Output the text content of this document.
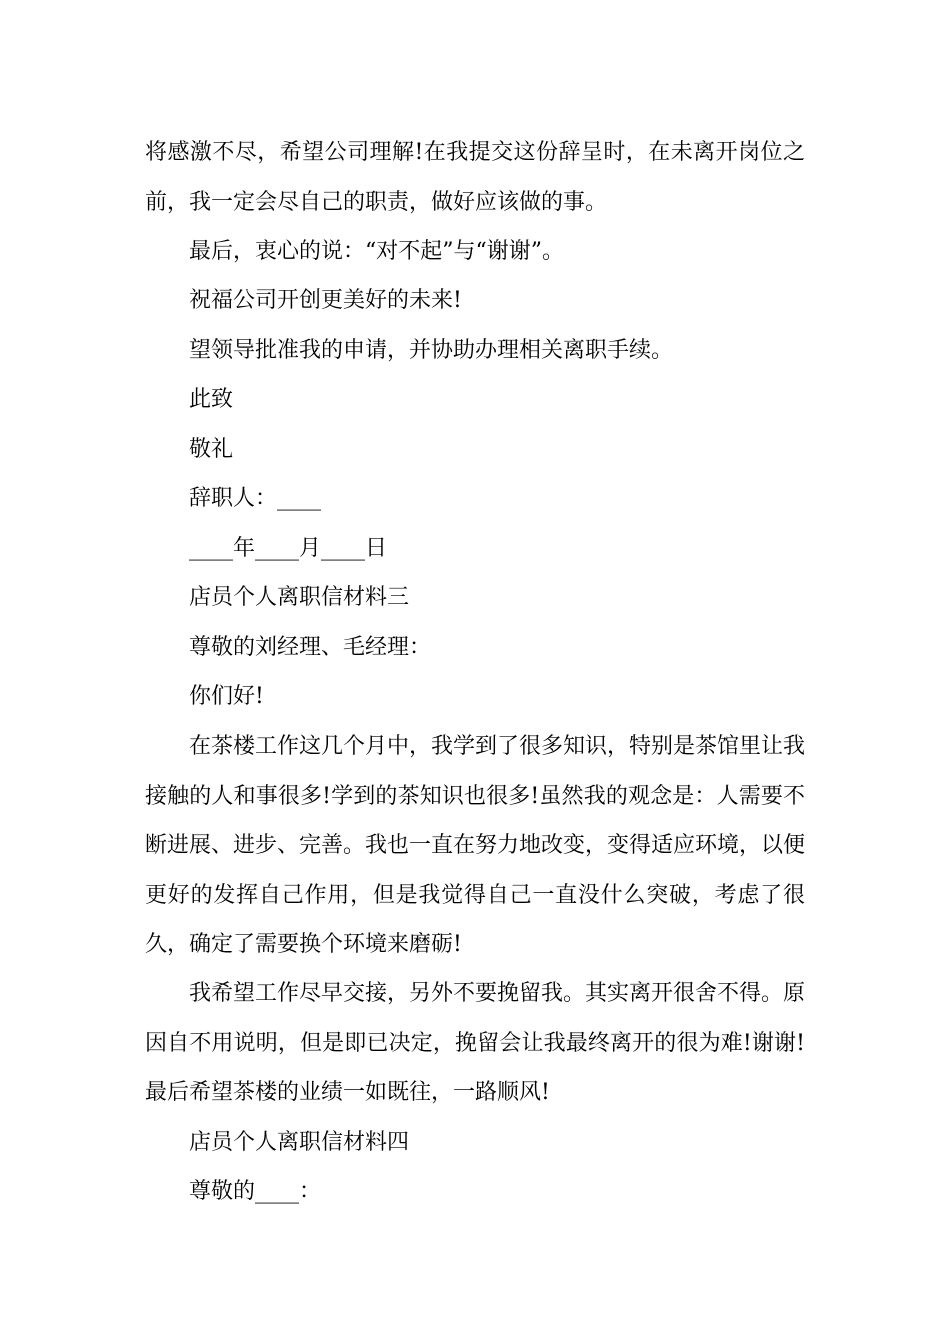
将感激不尽，希望公司理解!在我提交这份辞呈时，在未离开岗位之前，我一定会尽自己的职责，做好应该做的事。

最后，衷心的说：“对不起”与“谢谢”。

祝福公司开创更美好的未来!

望领导批准我的申请，并协助办理相关离职手续。

此致

敬礼

辞职人：____

____年____月____日

店员个人离职信材料三

尊敬的刘经理、毛经理：

你们好!

在茶楼工作这几个月中，我学到了很多知识，特别是茶馆里让我接触的人和事很多!学到的茶知识也很多!虽然我的观念是：人需要不断进展、进步、完善。我也一直在努力地改变，变得适应环境，以便更好的发挥自己作用，但是我觉得自己一直没什么突破，考虑了很久，确定了需要换个环境来磨砺!

我希望工作尽早交接，另外不要挽留我。其实离开很舍不得。原因自不用说明，但是即已决定，挽留会让我最终离开的很为难!谢谢!最后希望茶楼的业绩一如既往，一路顺风!

店员个人离职信材料四

尊敬的____：
